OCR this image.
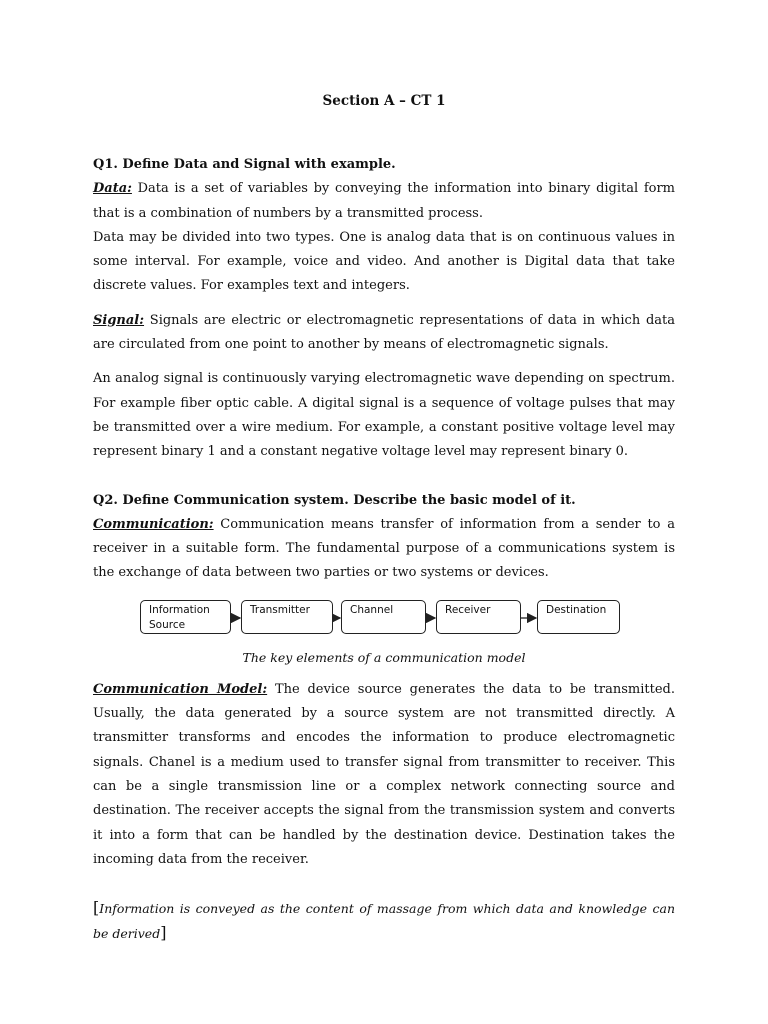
Section A – CT 1

Q1. Define Data and Signal with example.

Data: Data is a set of variables by conveying the information into binary digital form that is a combination of numbers by a transmitted process.

Data may be divided into two types. One is analog data that is on continuous values in some interval. For example, voice and video. And another is Digital data that take discrete values. For examples text and integers.

Signal: Signals are electric or electromagnetic representations of data in which data are circulated from one point to another by means of electromagnetic signals.

An analog signal is continuously varying electromagnetic wave depending on spectrum. For example fiber optic cable. A digital signal is a sequence of voltage pulses that may be transmitted over a wire medium. For example, a constant positive voltage level may represent binary 1 and a constant negative voltage level may represent binary 0.

Q2. Define Communication system. Describe the basic model of it.

Communication: Communication means transfer of information from a sender to a receiver in a suitable form. The fundamental purpose of a communications system is the exchange of data between two parties or two systems or devices.

Information Source
Transmitter	Channel	Receiver	Destination
The key elements of a communication model

Communication Model: The device source generates the data to be transmitted. Usually, the data generated by a source system are not transmitted directly. A transmitter transforms and encodes the information to produce electromagnetic signals. Chanel is a medium used to transfer signal from transmitter to receiver. This can be a single transmission line or a complex network connecting source and destination. The receiver accepts the signal from the transmission system and converts it into a form that can be handled by the destination device. Destination takes the incoming data from the receiver.

[Information is conveyed as the content of massage from which data and knowledge can be derived]
